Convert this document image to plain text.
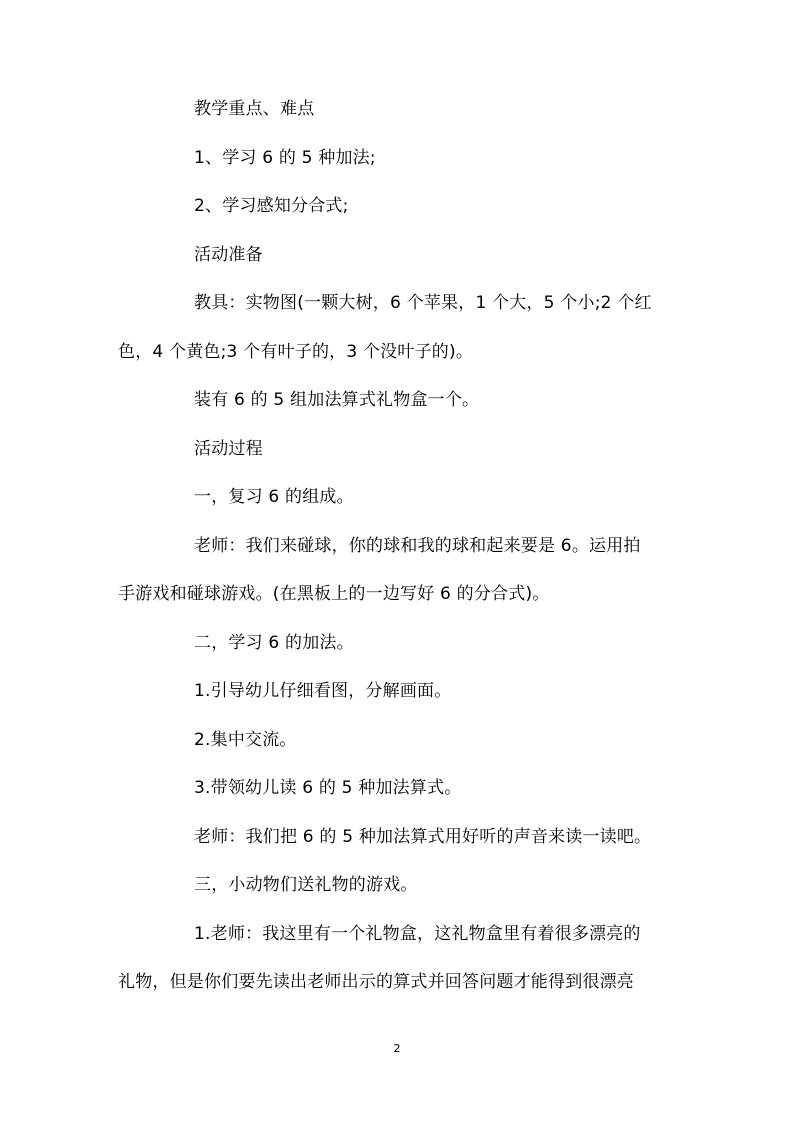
教学重点、难点
1、学习 6 的 5 种加法;
2、学习感知分合式;
活动准备
教具：实物图(一颗大树，6 个苹果，1 个大，5 个小;2 个红
色，4 个黄色;3 个有叶子的，3 个没叶子的)。
装有 6 的 5 组加法算式礼物盒一个。
活动过程
一，复习 6 的组成。
老师：我们来碰球，你的球和我的球和起来要是 6。运用拍
手游戏和碰球游戏。(在黑板上的一边写好 6 的分合式)。
二，学习 6 的加法。
1.引导幼儿仔细看图，分解画面。
2.集中交流。
3.带领幼儿读 6 的 5 种加法算式。
老师：我们把 6 的 5 种加法算式用好听的声音来读一读吧。
三，小动物们送礼物的游戏。
1.老师：我这里有一个礼物盒，这礼物盒里有着很多漂亮的
礼物，但是你们要先读出老师出示的算式并回答问题才能得到很漂亮
2
